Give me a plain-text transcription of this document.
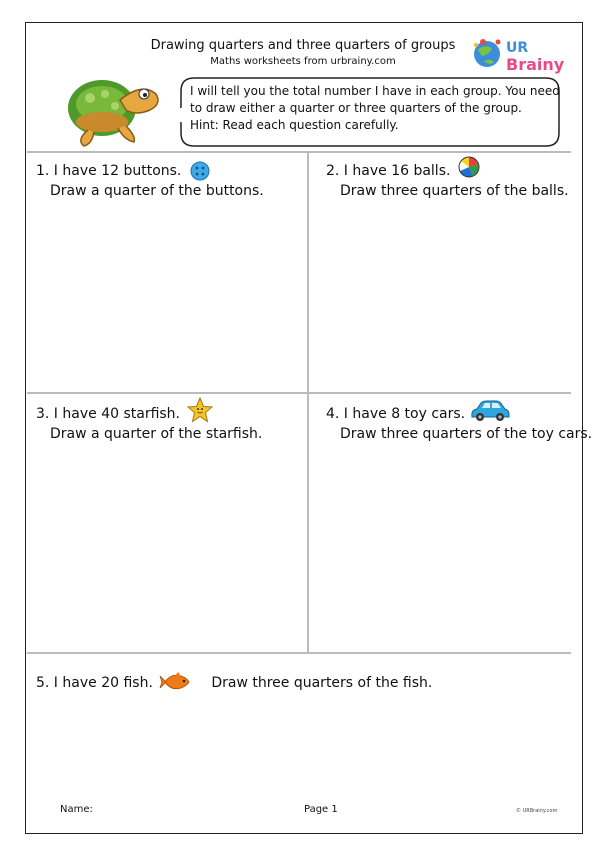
Drawing quarters and three quarters of groups
Maths worksheets from urbrainy.com
UR
Brainy
I will tell you the total number I have in each group. You need
to draw either a quarter or three quarters of the group.
Hint: Read each question carefully.
1. I have 12 buttons.
Draw a quarter of the buttons.
2. I have 16 balls.
Draw three quarters of the balls.
3. I have 40 starfish.
Draw a quarter of the starfish.
4. I have 8 toy cars.
Draw three quarters of the toy cars.
5. I have 20 fish.	Draw three quarters of the fish.
Name:	Page 1	© URBrainy.com
